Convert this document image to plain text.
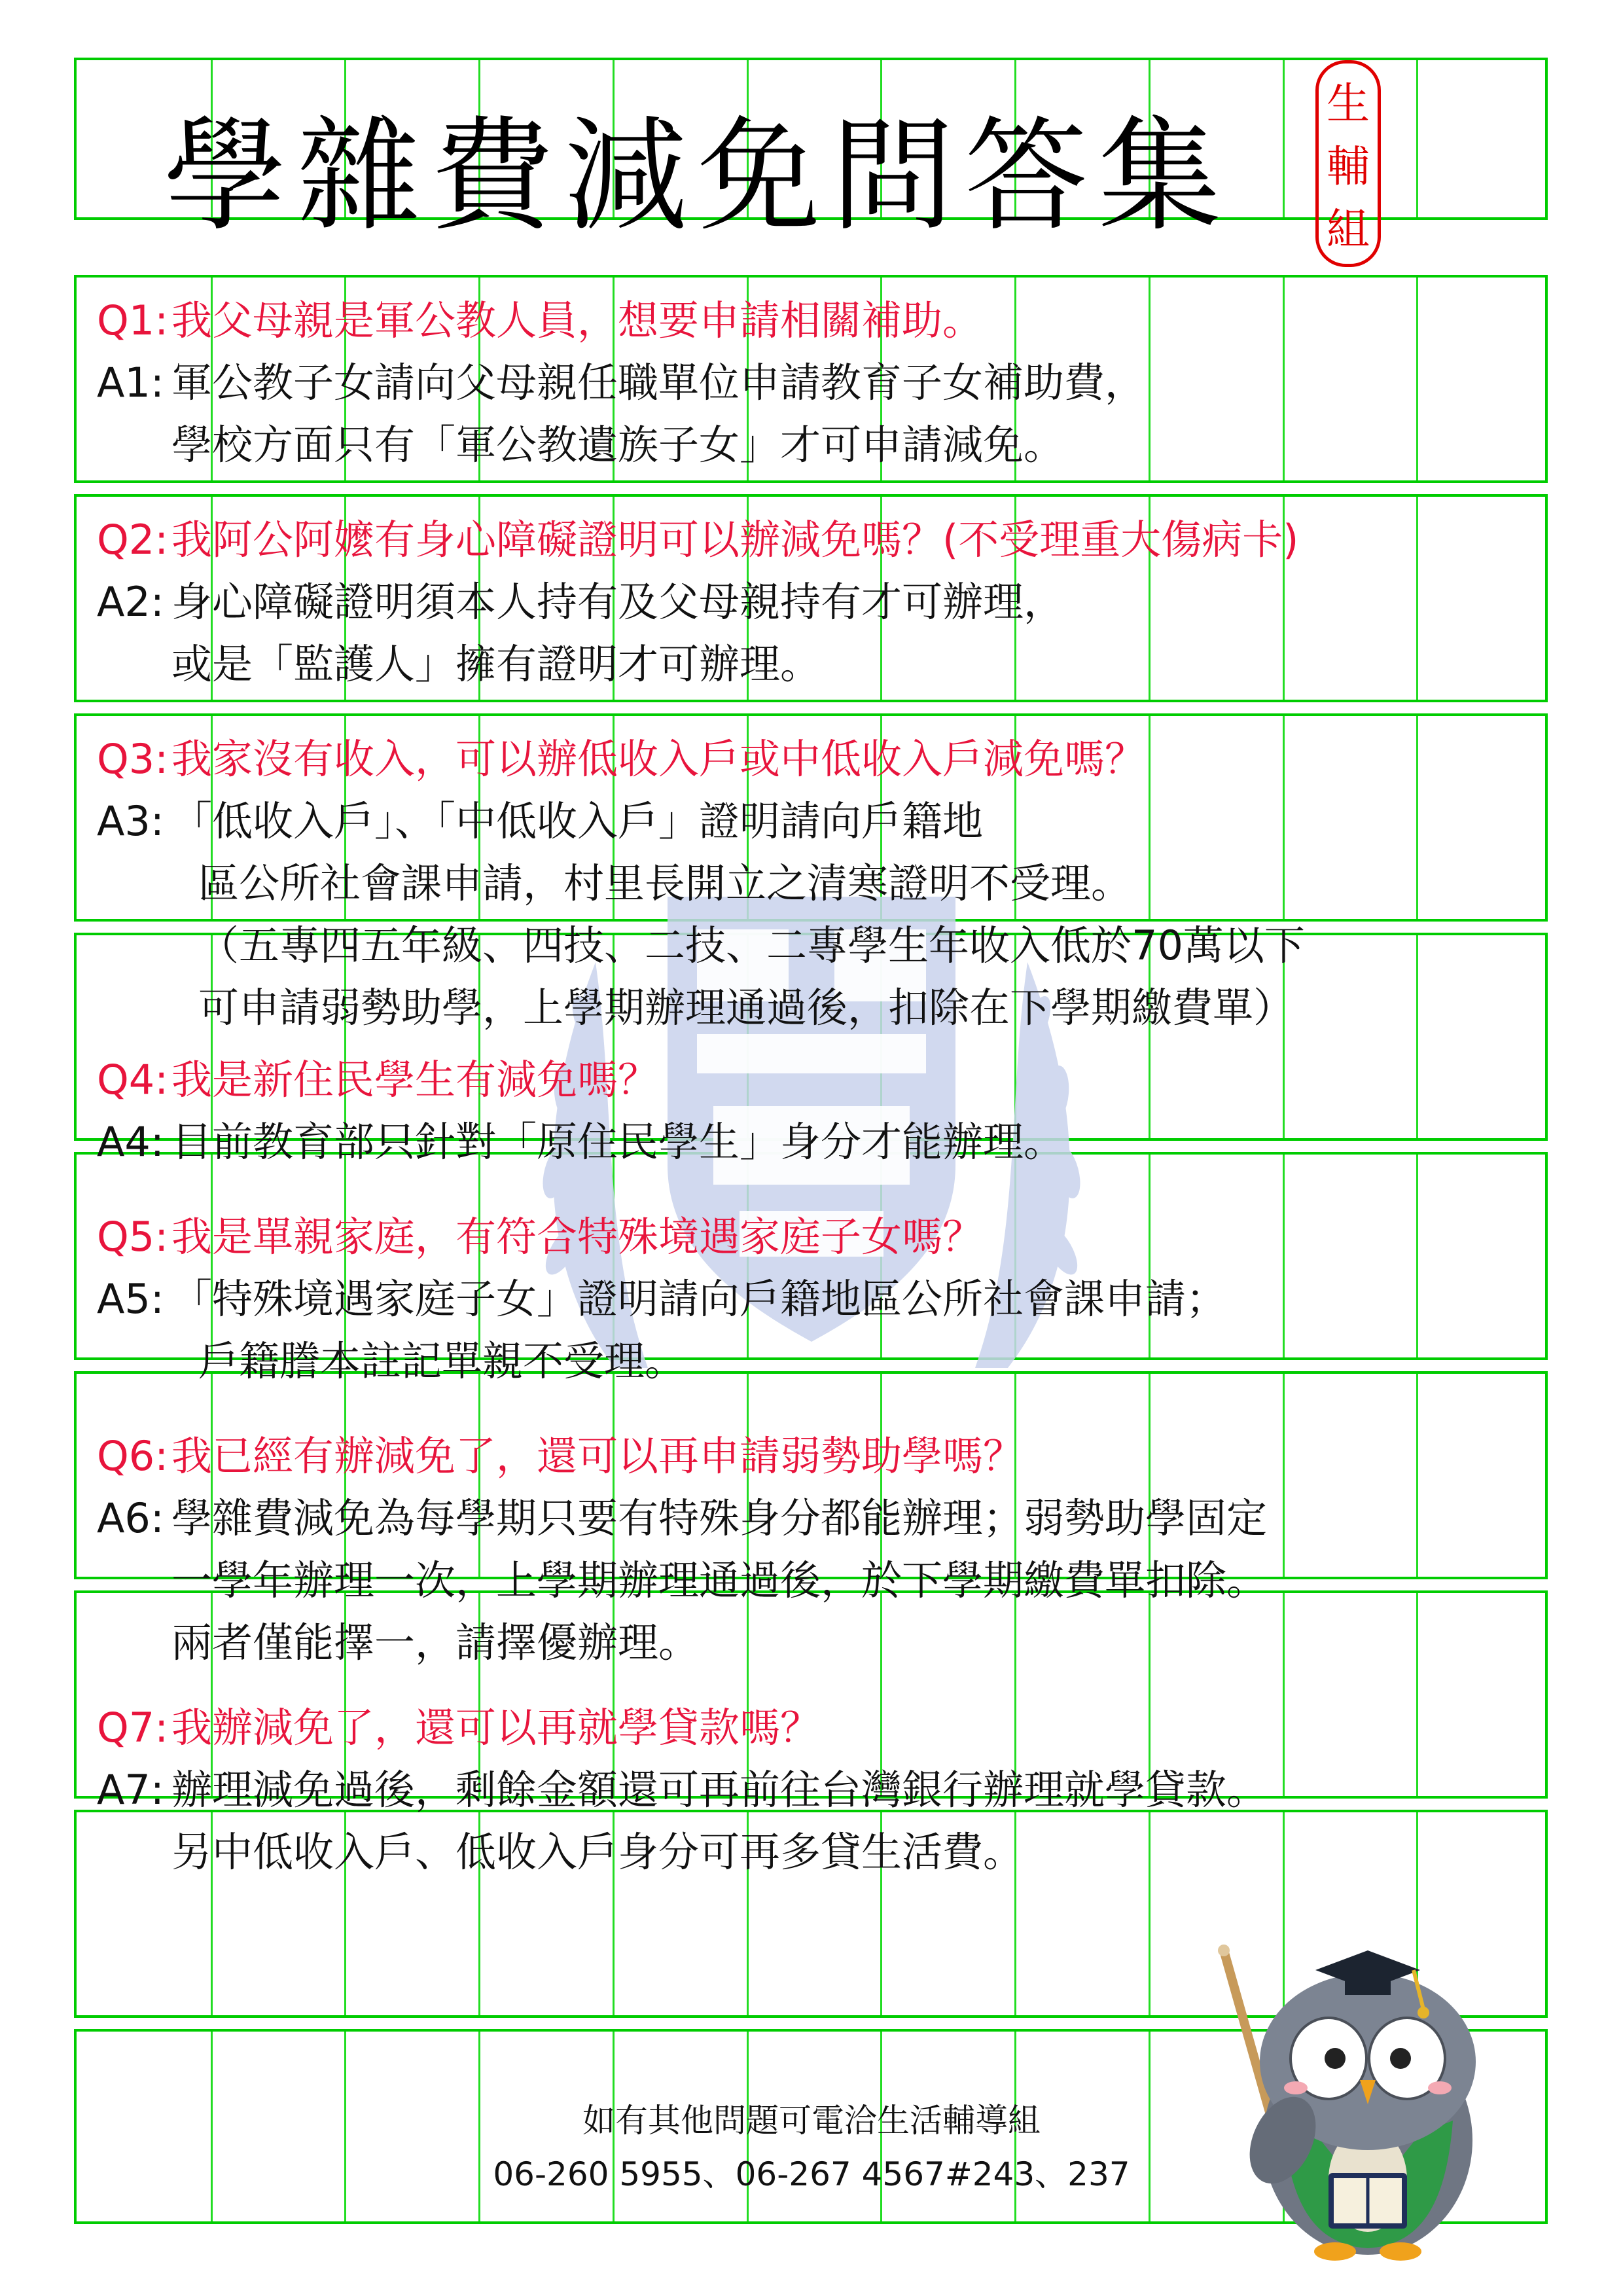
學雜費減免問答集
生
輔
組
Q1:我父母親是軍公教人員，想要申請相關補助。
A1: 軍公教子女請向父母親任職單位申請教育子女補助費，
學校方面只有「軍公教遺族子女」才可申請減免。
Q2:我阿公阿嬤有身心障礙證明可以辦減免嗎？(不受理重大傷病卡)
A2: 身心障礙證明須本人持有及父母親持有才可辦理，
或是「監護人」擁有證明才可辦理。
Q3:我家沒有收入，可以辦低收入戶或中低收入戶減免嗎？
A3: 「低收入戶」、「中低收入戶」證明請向戶籍地
區公所社會課申請，村里長開立之清寒證明不受理。
（五專四五年級、四技、二技、二專學生年收入低於70萬以下
可申請弱勢助學，上學期辦理通過後，扣除在下學期繳費單）
Q4:我是新住民學生有減免嗎？
A4: 目前教育部只針對「原住民學生」身分才能辦理。
Q5:我是單親家庭，有符合特殊境遇家庭子女嗎？
A5: 「特殊境遇家庭子女」證明請向戶籍地區公所社會課申請；
戶籍謄本註記單親不受理。
Q6:我已經有辦減免了，還可以再申請弱勢助學嗎？
A6: 學雜費減免為每學期只要有特殊身分都能辦理；弱勢助學固定
一學年辦理一次，上學期辦理通過後，於下學期繳費單扣除。
兩者僅能擇一，請擇優辦理。
Q7:我辦減免了，還可以再就學貸款嗎？
A7: 辦理減免過後，剩餘金額還可再前往台灣銀行辦理就學貸款。
另中低收入戶、低收入戶身分可再多貸生活費。
如有其他問題可電洽生活輔導組
06-260 5955、06-267 4567#243、237
